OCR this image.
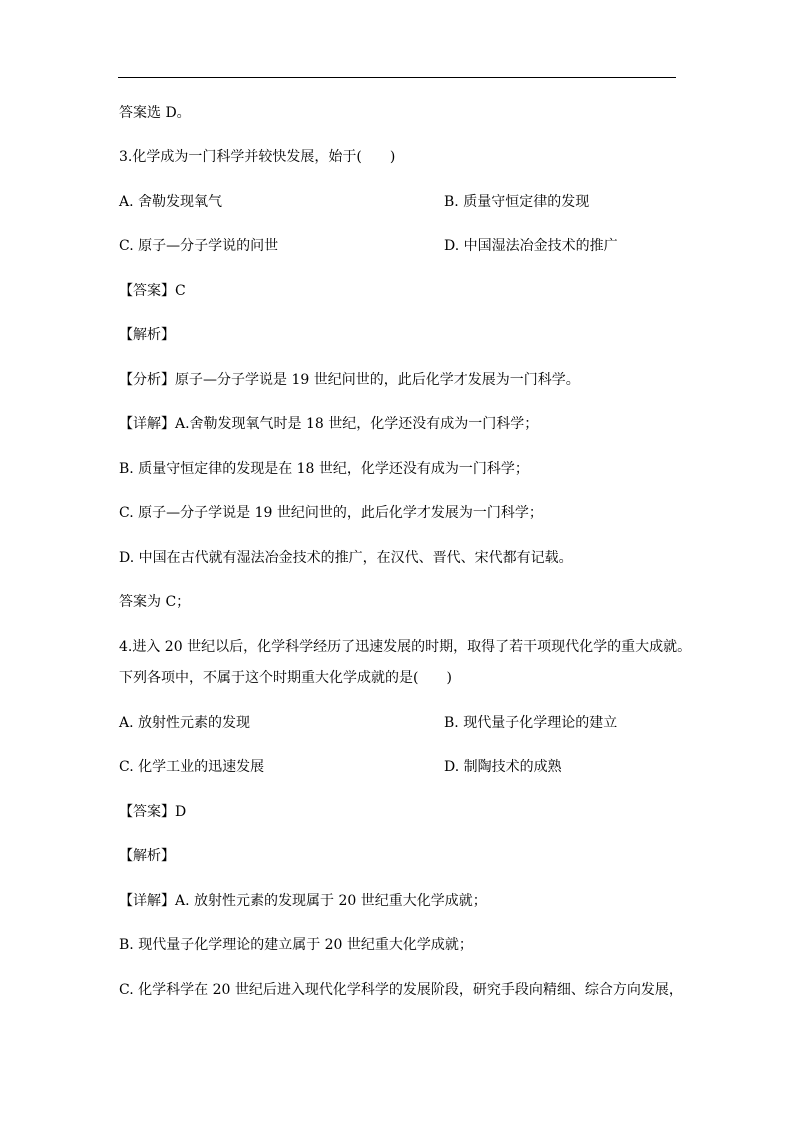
答案选 D。
3.化学成为一门科学并较快发展，始于(　　)
A. 舍勒发现氧气	B. 质量守恒定律的发现
C. 原子—分子学说的问世	D. 中国湿法冶金技术的推广
【答案】C
【解析】
【分析】原子—分子学说是 19 世纪问世的，此后化学才发展为一门科学。
【详解】A.舍勒发现氧气时是 18 世纪，化学还没有成为一门科学；
B. 质量守恒定律的发现是在 18 世纪，化学还没有成为一门科学；
C. 原子—分子学说是 19 世纪问世的，此后化学才发展为一门科学；
D. 中国在古代就有湿法冶金技术的推广，在汉代、晋代、宋代都有记载。
答案为 C；
4.进入 20 世纪以后，化学科学经历了迅速发展的时期，取得了若干项现代化学的重大成就。
下列各项中，不属于这个时期重大化学成就的是(　　)
A. 放射性元素的发现	B. 现代量子化学理论的建立
C. 化学工业的迅速发展	D. 制陶技术的成熟
【答案】D
【解析】
【详解】A. 放射性元素的发现属于 20 世纪重大化学成就；
B. 现代量子化学理论的建立属于 20 世纪重大化学成就；
C. 化学科学在 20 世纪后进入现代化学科学的发展阶段，研究手段向精细、综合方向发展，
